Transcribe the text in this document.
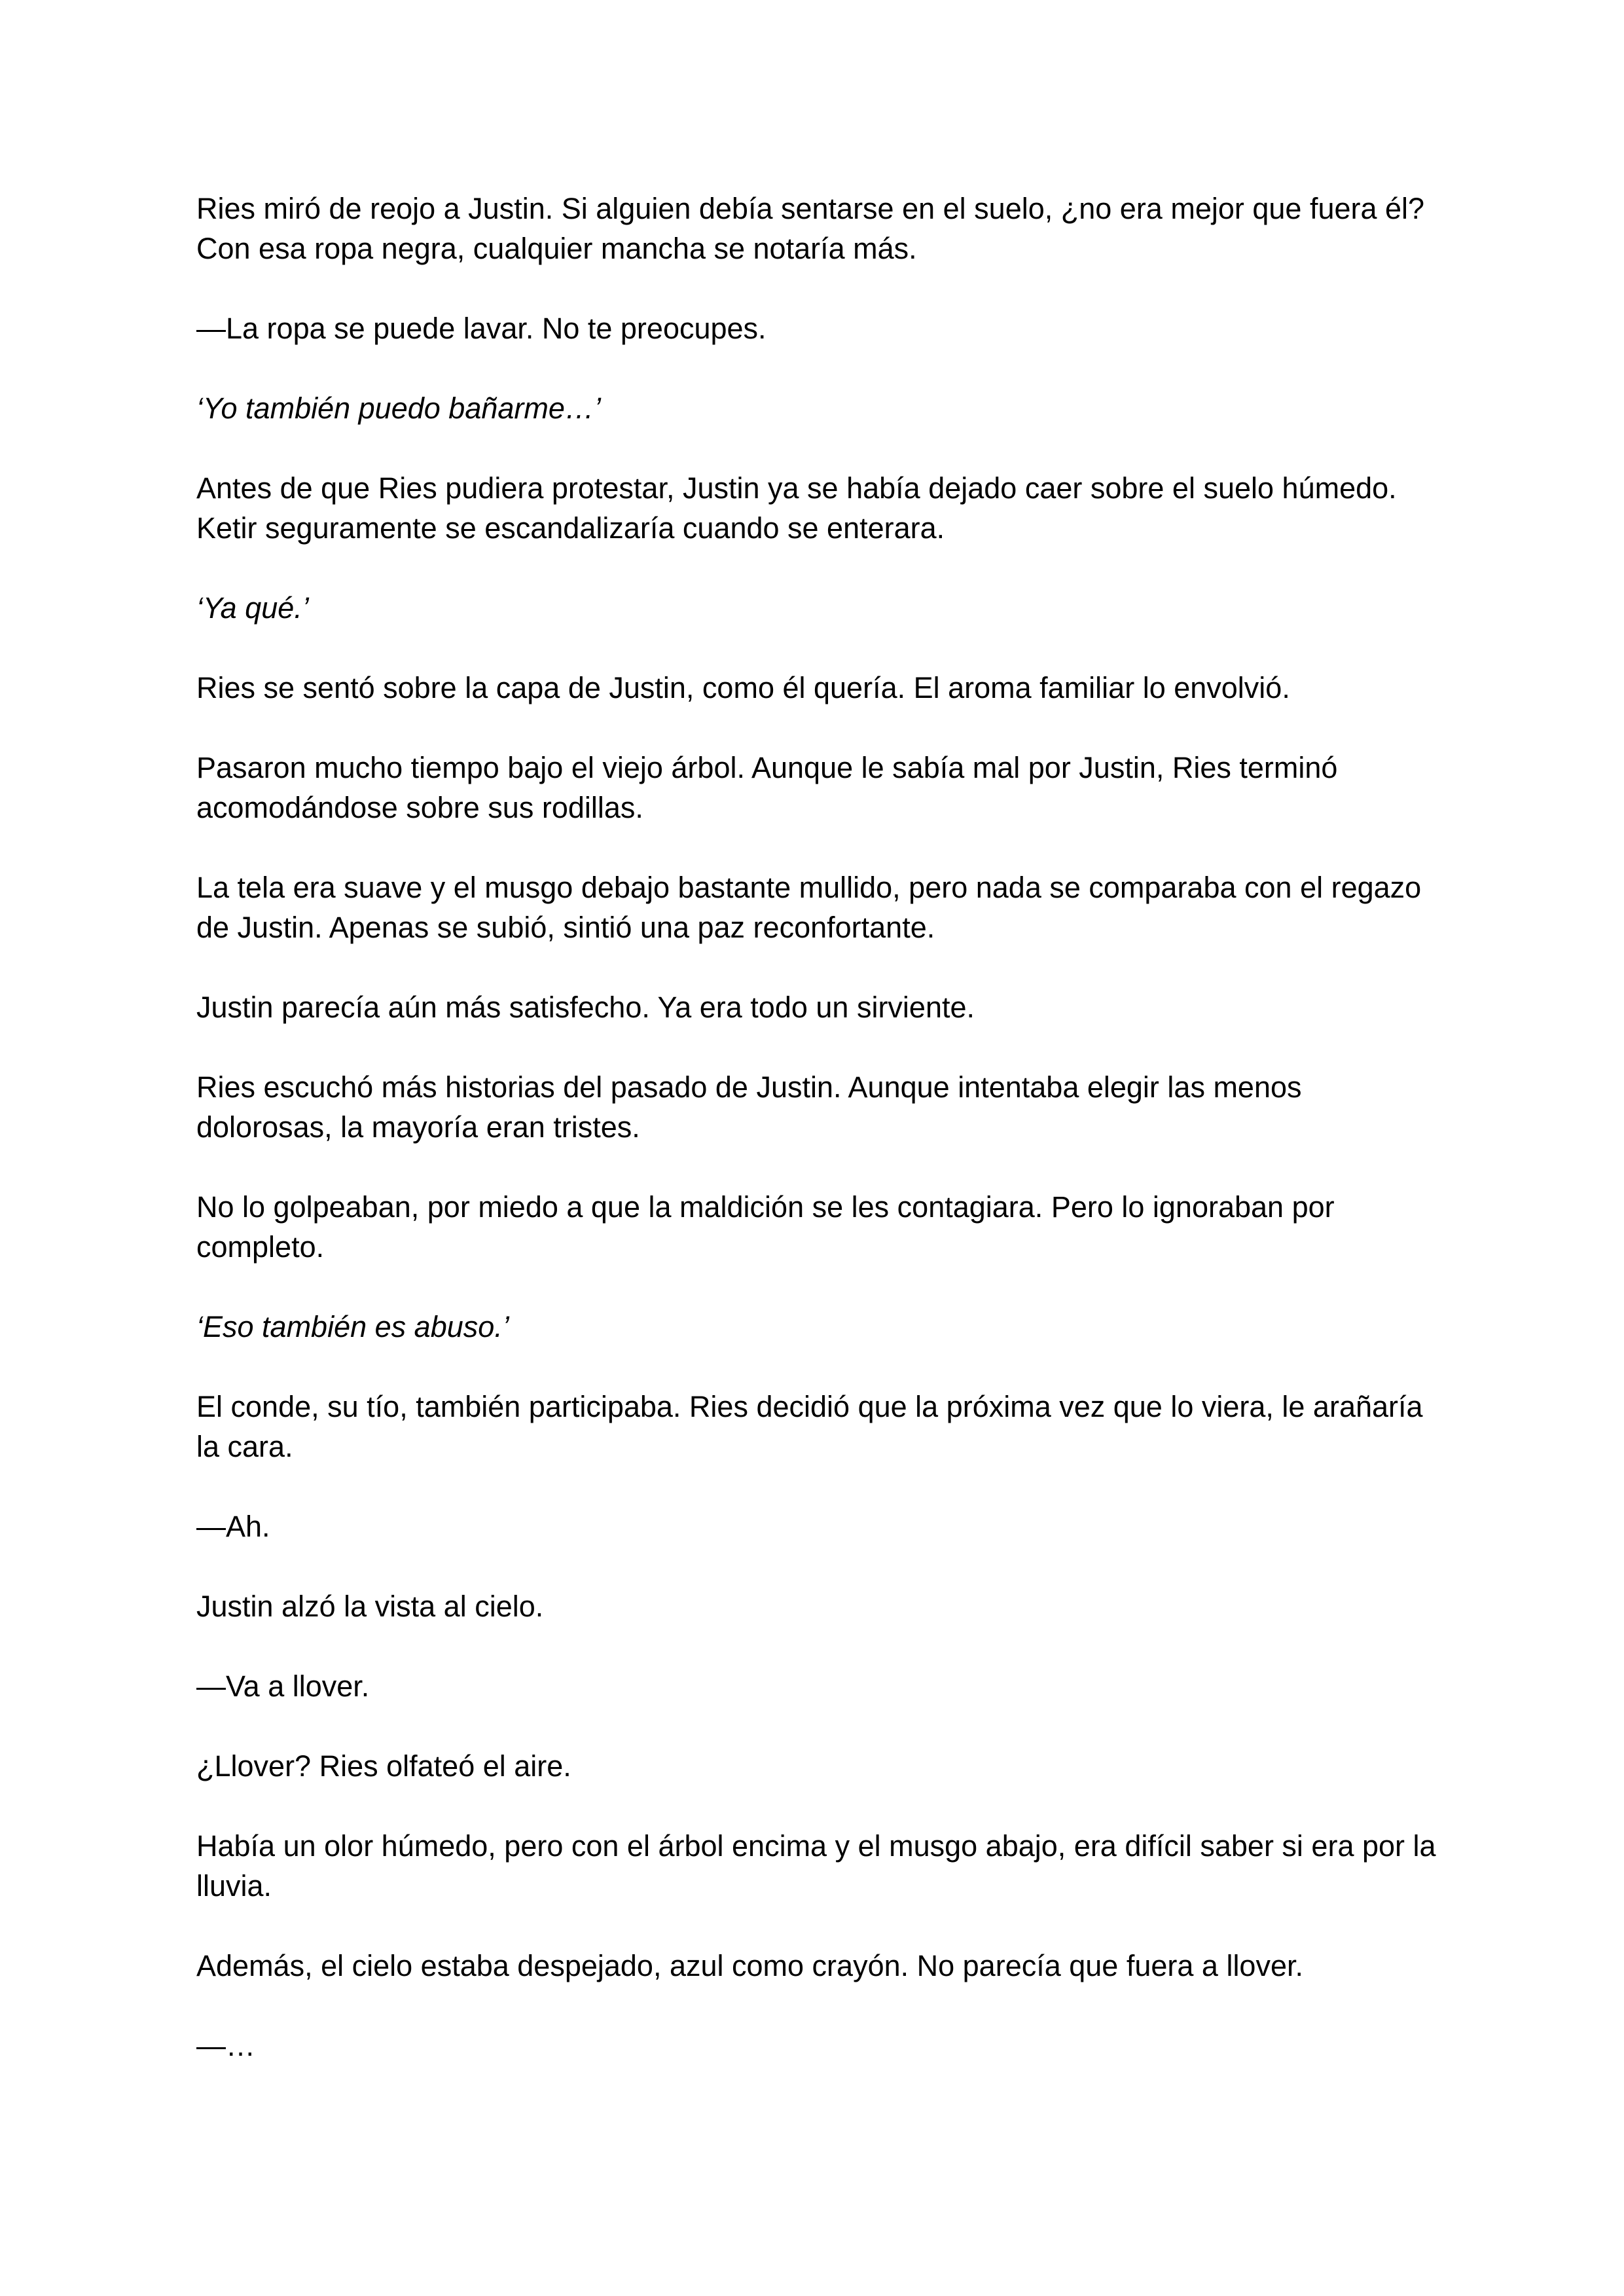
Ries miró de reojo a Justin. Si alguien debía sentarse en el suelo, ¿no era mejor que fuera él? Con esa ropa negra, cualquier mancha se notaría más.

—La ropa se puede lavar. No te preocupes.

‘Yo también puedo bañarme…’

Antes de que Ries pudiera protestar, Justin ya se había dejado caer sobre el suelo húmedo. Ketir seguramente se escandalizaría cuando se enterara.

‘Ya qué.’

Ries se sentó sobre la capa de Justin, como él quería. El aroma familiar lo envolvió.

Pasaron mucho tiempo bajo el viejo árbol. Aunque le sabía mal por Justin, Ries terminó acomodándose sobre sus rodillas.

La tela era suave y el musgo debajo bastante mullido, pero nada se comparaba con el regazo de Justin. Apenas se subió, sintió una paz reconfortante.

Justin parecía aún más satisfecho. Ya era todo un sirviente.

Ries escuchó más historias del pasado de Justin. Aunque intentaba elegir las menos dolorosas, la mayoría eran tristes.

No lo golpeaban, por miedo a que la maldición se les contagiara. Pero lo ignoraban por completo.

‘Eso también es abuso.’

El conde, su tío, también participaba. Ries decidió que la próxima vez que lo viera, le arañaría la cara.

—Ah.

Justin alzó la vista al cielo.

—Va a llover.

¿Llover? Ries olfateó el aire.

Había un olor húmedo, pero con el árbol encima y el musgo abajo, era difícil saber si era por la lluvia.

Además, el cielo estaba despejado, azul como crayón. No parecía que fuera a llover.

—…
